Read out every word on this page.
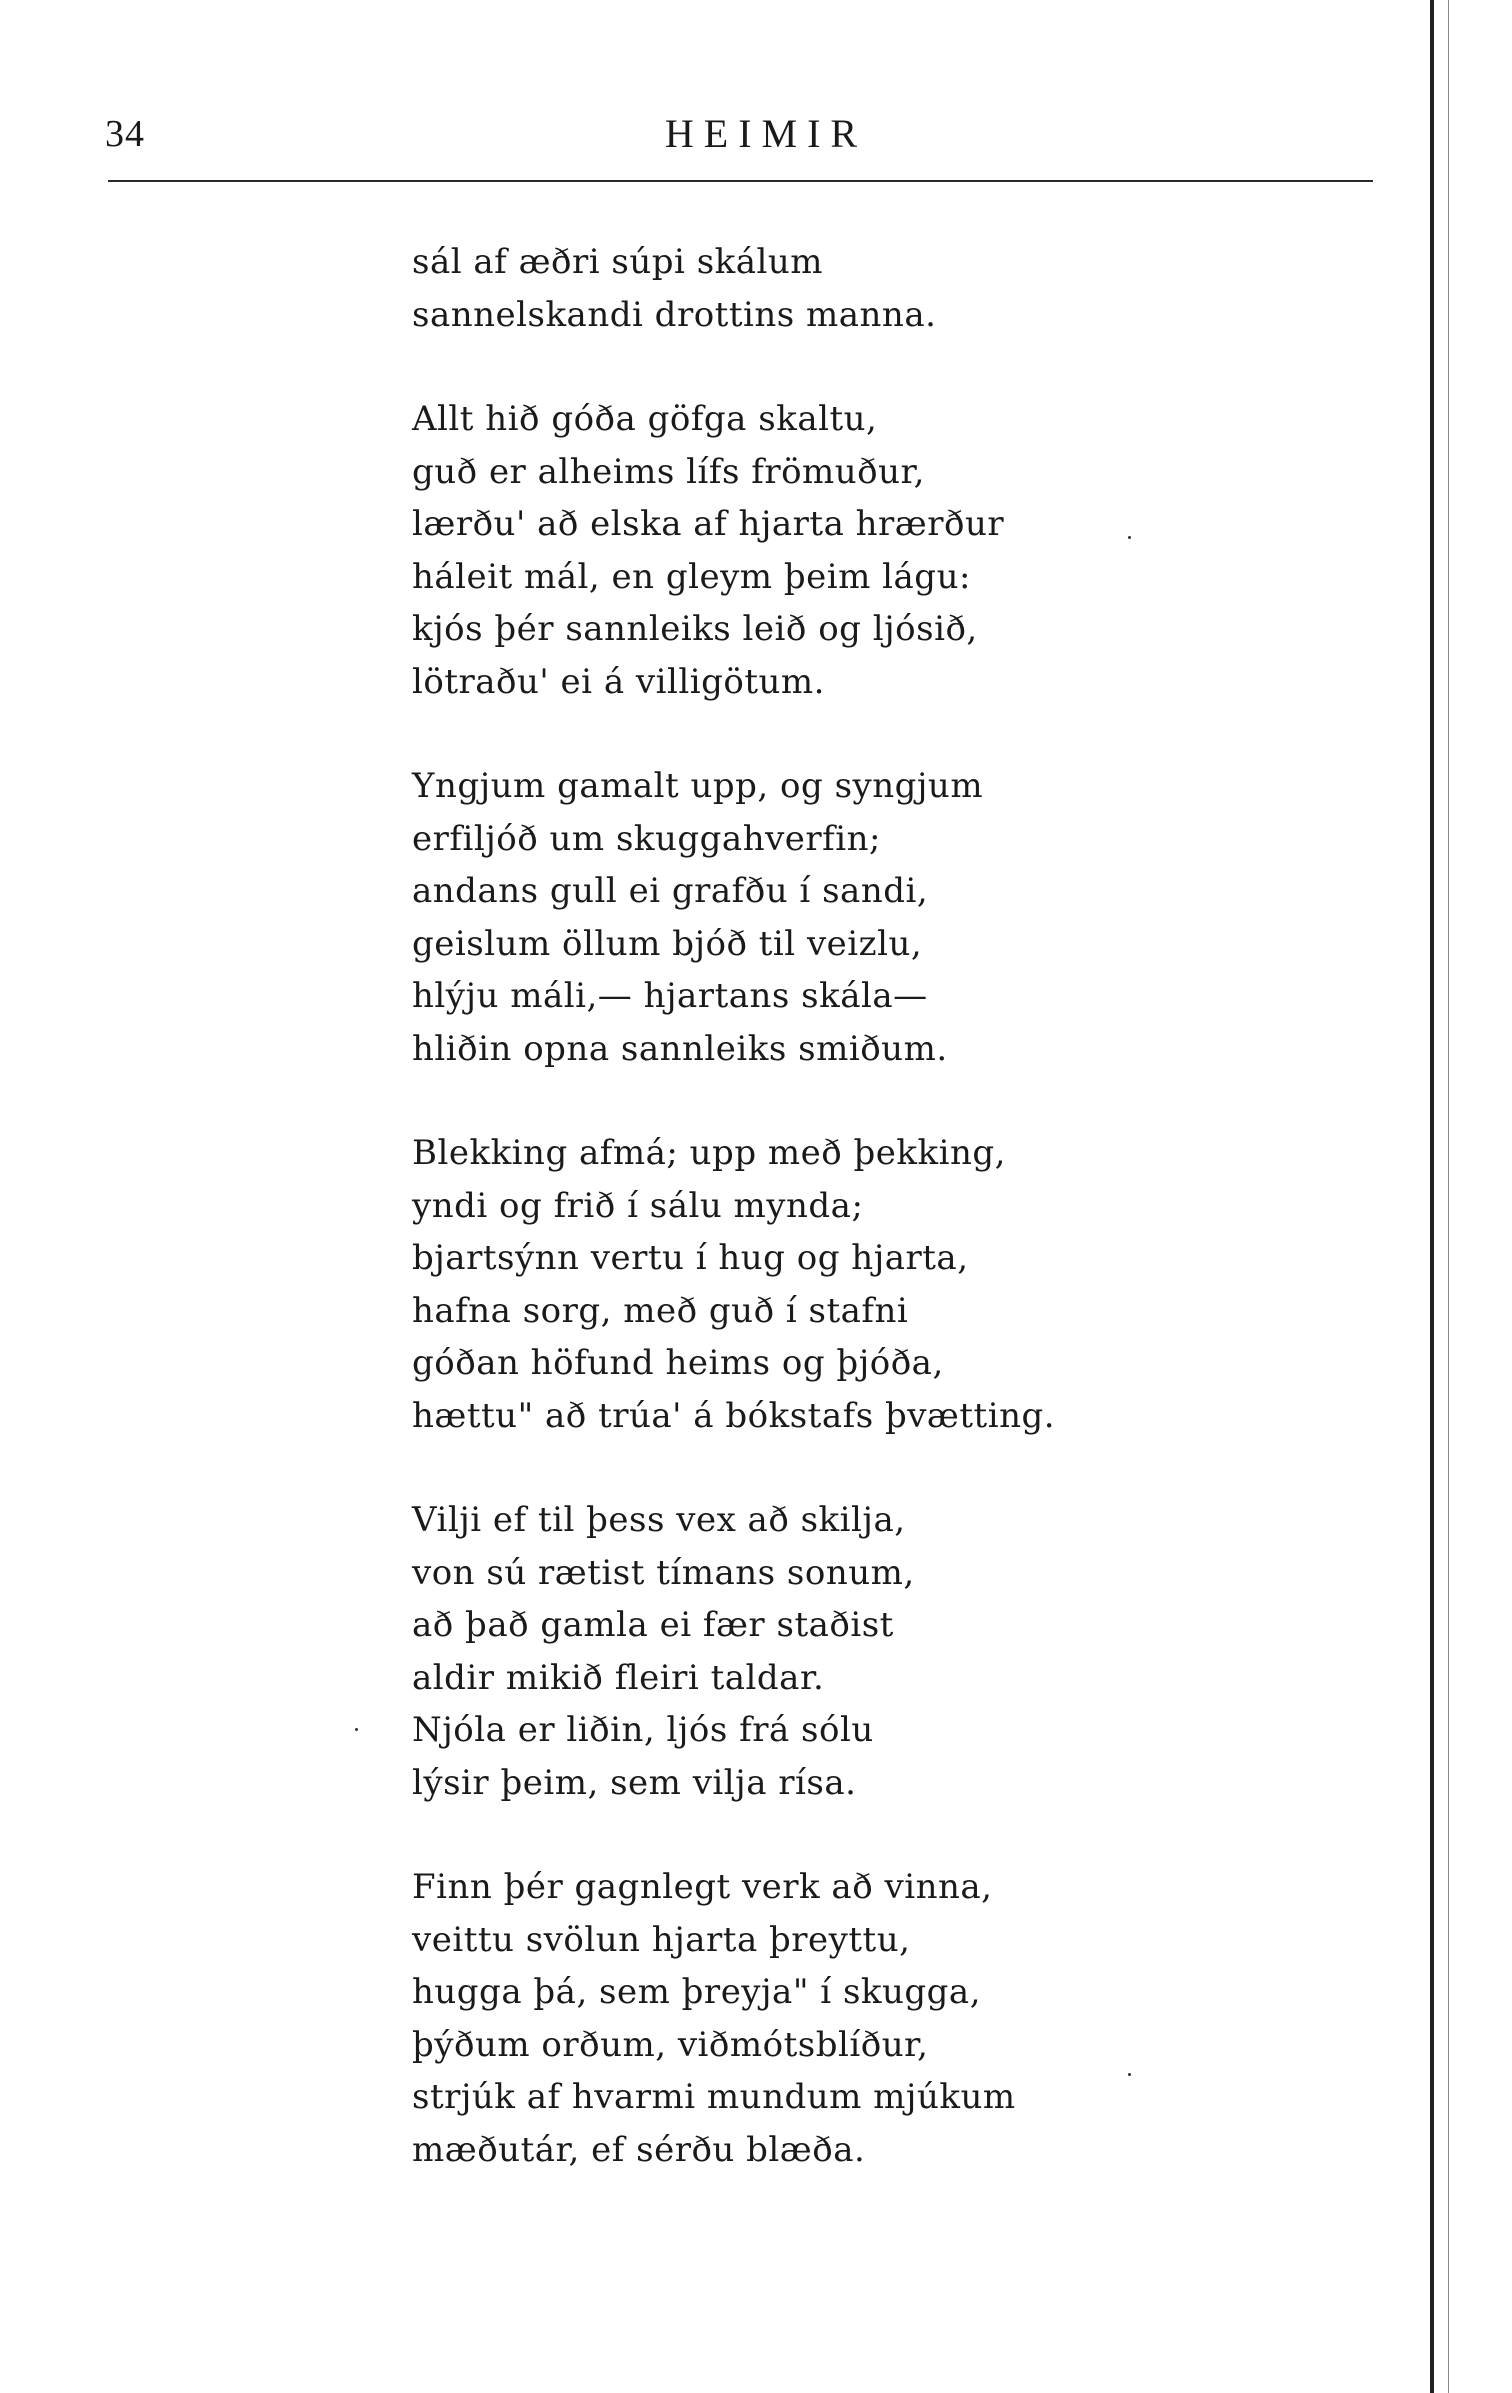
34	HEIMIR
sál af æðri súpi skálum
sannelskandi drottins manna.
Allt hið góða göfga skaltu,
guð er alheims lífs frömuður,
lærðu' að elska af hjarta hrærður
háleit mál, en gleym þeim lágu:
kjós þér sannleiks leið og ljósið,
lötraðu' ei á villigötum.
Yngjum gamalt upp, og syngjum
erfiljóð um skuggahverfin;
andans gull ei grafðu í sandi,
geislum öllum bjóð til veizlu,
hlýju máli,— hjartans skála—
hliðin opna sannleiks smiðum.
Blekking afmá; upp með þekking,
yndi og frið í sálu mynda;
bjartsýnn vertu í hug og hjarta,
hafna sorg, með guð í stafni
góðan höfund heims og þjóða,
hættu" að trúa' á bókstafs þvætting.
Vilji ef til þess vex að skilja,
von sú rætist tímans sonum,
að það gamla ei fær staðist
aldir mikið fleiri taldar.
Njóla er liðin, ljós frá sólu
lýsir þeim, sem vilja rísa.
Finn þér gagnlegt verk að vinna,
veittu svölun hjarta þreyttu,
hugga þá, sem þreyja" í skugga,
þýðum orðum, viðmótsblíður,
strjúk af hvarmi mundum mjúkum
mæðutár, ef sérðu blæða.
